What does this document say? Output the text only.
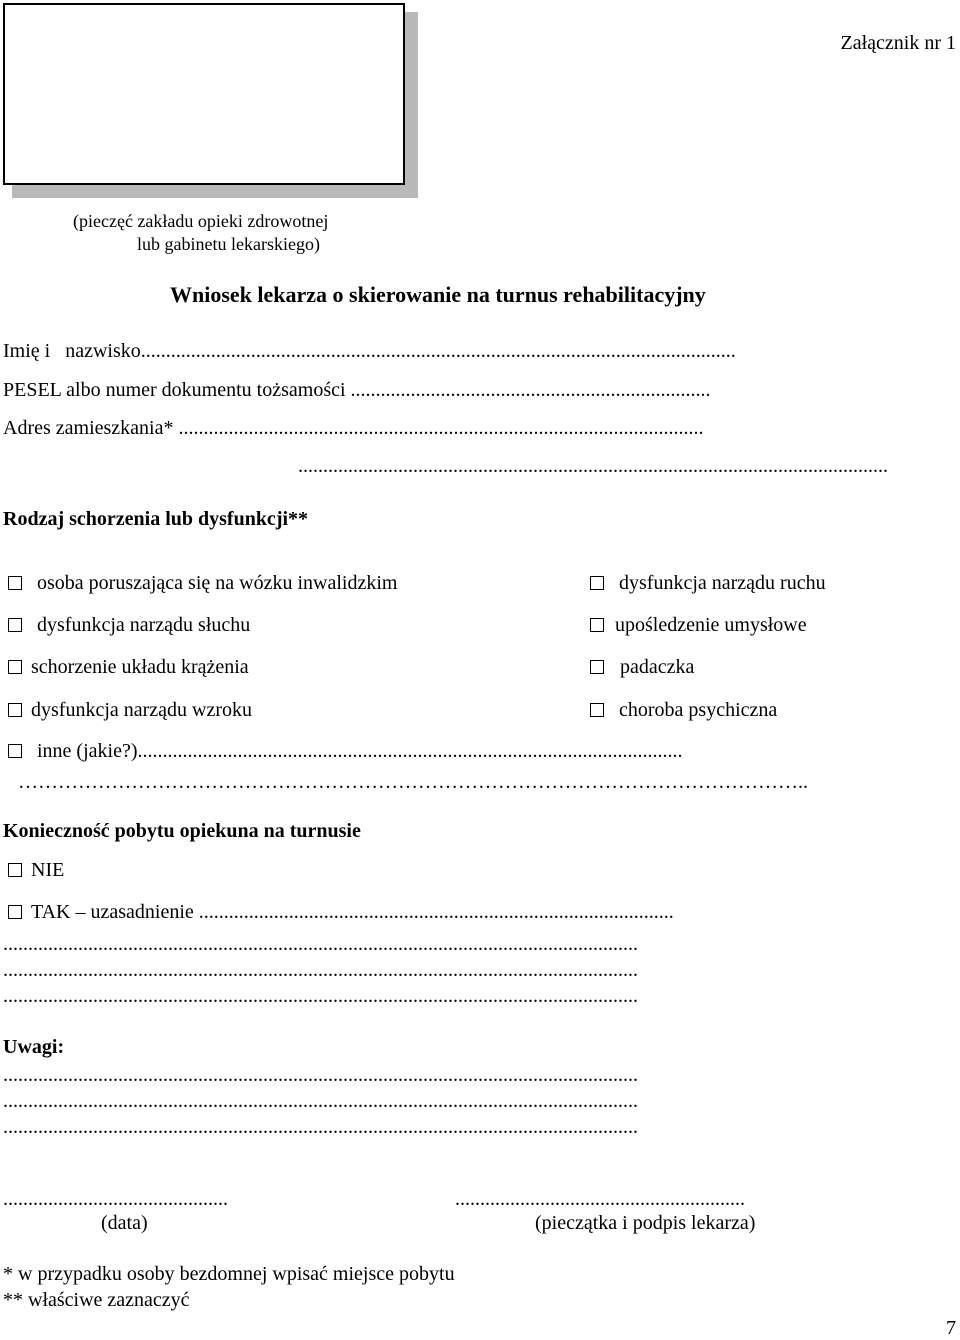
Załącznik nr 1
(pieczęć zakładu opieki zdrowotnej
lub gabinetu lekarskiego)
Wniosek lekarza o skierowanie na turnus rehabilitacyjny
Imię i   nazwisko.......................................................................................................................
PESEL albo numer dokumentu tożsamości ........................................................................
Adres zamieszkania* .........................................................................................................
......................................................................................................................
Rodzaj schorzenia lub dysfunkcji**
osoba poruszająca się na wózku inwalidzkim
dysfunkcja narządu słuchu
schorzenie układu krążenia
dysfunkcja narządu wzroku
dysfunkcja narządu ruchu
upośledzenie umysłowe
padaczka
choroba psychiczna
inne (jakie?).............................................................................................................
………………………………………………………………………………………………………..
Konieczność pobytu opiekuna na turnusie
NIE
TAK – uzasadnienie ...............................................................................................
...............................................................................................................................
...............................................................................................................................
...............................................................................................................................
Uwagi:
...............................................................................................................................
...............................................................................................................................
...............................................................................................................................
.............................................	..........................................................
(data)	(pieczątka i podpis lekarza)
* w przypadku osoby bezdomnej wpisać miejsce pobytu
** właściwe zaznaczyć
7
